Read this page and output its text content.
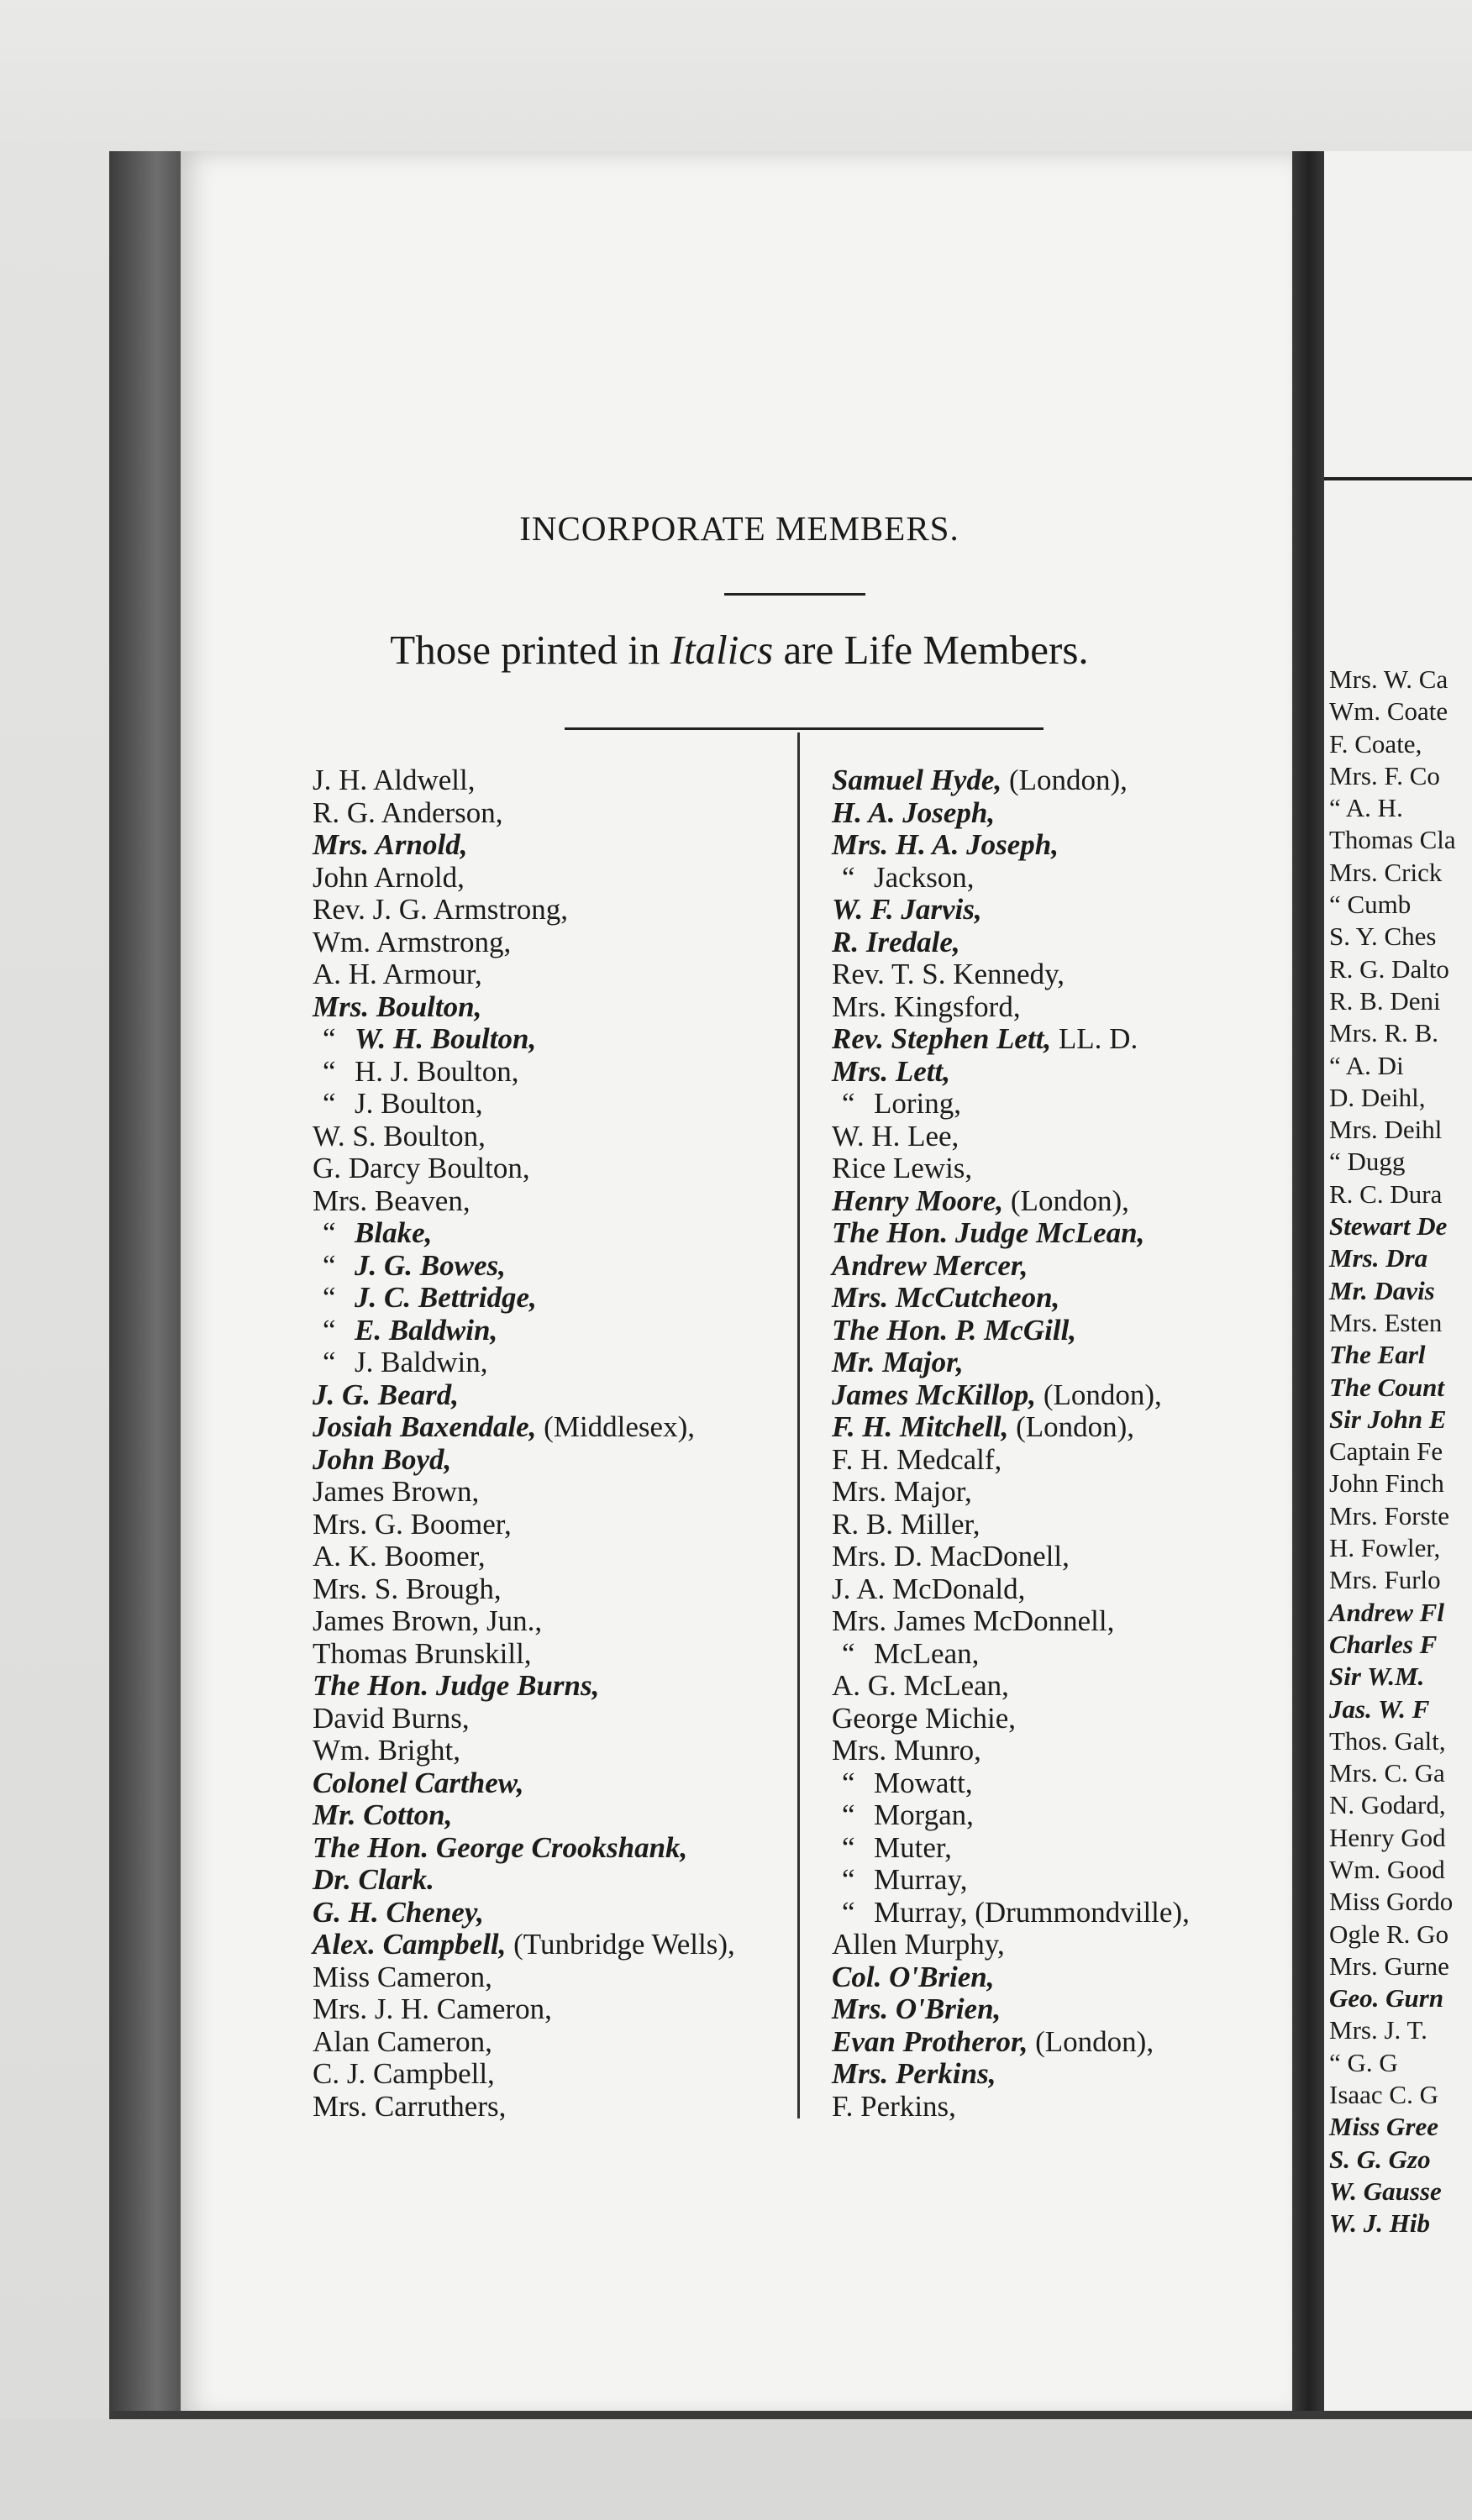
Mrs. W. Ca
Wm. Coate
F. Coate,
Mrs. F. Co
“ A. H.
Thomas Cla
Mrs. Crick
“ Cumb
S. Y. Ches
R. G. Dalto
R. B. Deni
Mrs. R. B.
“ A. Di
D. Deihl,
Mrs. Deihl
“ Dugg
R. C. Dura
Stewart De
Mrs. Dra
Mr. Davis
Mrs. Esten
The Earl
The Count
Sir John E
Captain Fe
John Finch
Mrs. Forste
H. Fowler,
Mrs. Furlo
Andrew Fl
Charles F
Sir W.M.
Jas. W. F
Thos. Galt,
Mrs. C. Ga
N. Godard,
Henry God
Wm. Good
Miss Gordo
Ogle R. Go
Mrs. Gurne
Geo. Gurn
Mrs. J. T.
“ G. G
Isaac C. G
Miss Gree
S. G. Gzo
W. Gausse
W. J. Hib
INCORPORATE MEMBERS.
Those printed in Italics are Life Members.
J. H. Aldwell,
R. G. Anderson,
Mrs. Arnold,
John Arnold,
Rev. J. G. Armstrong,
Wm. Armstrong,
A. H. Armour,
Mrs. Boulton,
“ W. H. Boulton,
“ H. J. Boulton,
“ J. Boulton,
W. S. Boulton,
G. Darcy Boulton,
Mrs. Beaven,
“ Blake,
“ J. G. Bowes,
“ J. C. Bettridge,
“ E. Baldwin,
“ J. Baldwin,
J. G. Beard,
Josiah Baxendale, (Middlesex),
John Boyd,
James Brown,
Mrs. G. Boomer,
A. K. Boomer,
Mrs. S. Brough,
James Brown, Jun.,
Thomas Brunskill,
The Hon. Judge Burns,
David Burns,
Wm. Bright,
Colonel Carthew,
Mr. Cotton,
The Hon. George Crookshank,
Dr. Clark.
G. H. Cheney,
Alex. Campbell, (Tunbridge Wells),
Miss Cameron,
Mrs. J. H. Cameron,
Alan Cameron,
C. J. Campbell,
Mrs. Carruthers,
Samuel Hyde, (London),
H. A. Joseph,
Mrs. H. A. Joseph,
“ Jackson,
W. F. Jarvis,
R. Iredale,
Rev. T. S. Kennedy,
Mrs. Kingsford,
Rev. Stephen Lett, LL. D.
Mrs. Lett,
“ Loring,
W. H. Lee,
Rice Lewis,
Henry Moore, (London),
The Hon. Judge McLean,
Andrew Mercer,
Mrs. McCutcheon,
The Hon. P. McGill,
Mr. Major,
James McKillop, (London),
F. H. Mitchell, (London),
F. H. Medcalf,
Mrs. Major,
R. B. Miller,
Mrs. D. MacDonell,
J. A. McDonald,
Mrs. James McDonnell,
“ McLean,
A. G. McLean,
George Michie,
Mrs. Munro,
“ Mowatt,
“ Morgan,
“ Muter,
“ Murray,
“ Murray, (Drummondville),
Allen Murphy,
Col. O'Brien,
Mrs. O'Brien,
Evan Protheror, (London),
Mrs. Perkins,
F. Perkins,
